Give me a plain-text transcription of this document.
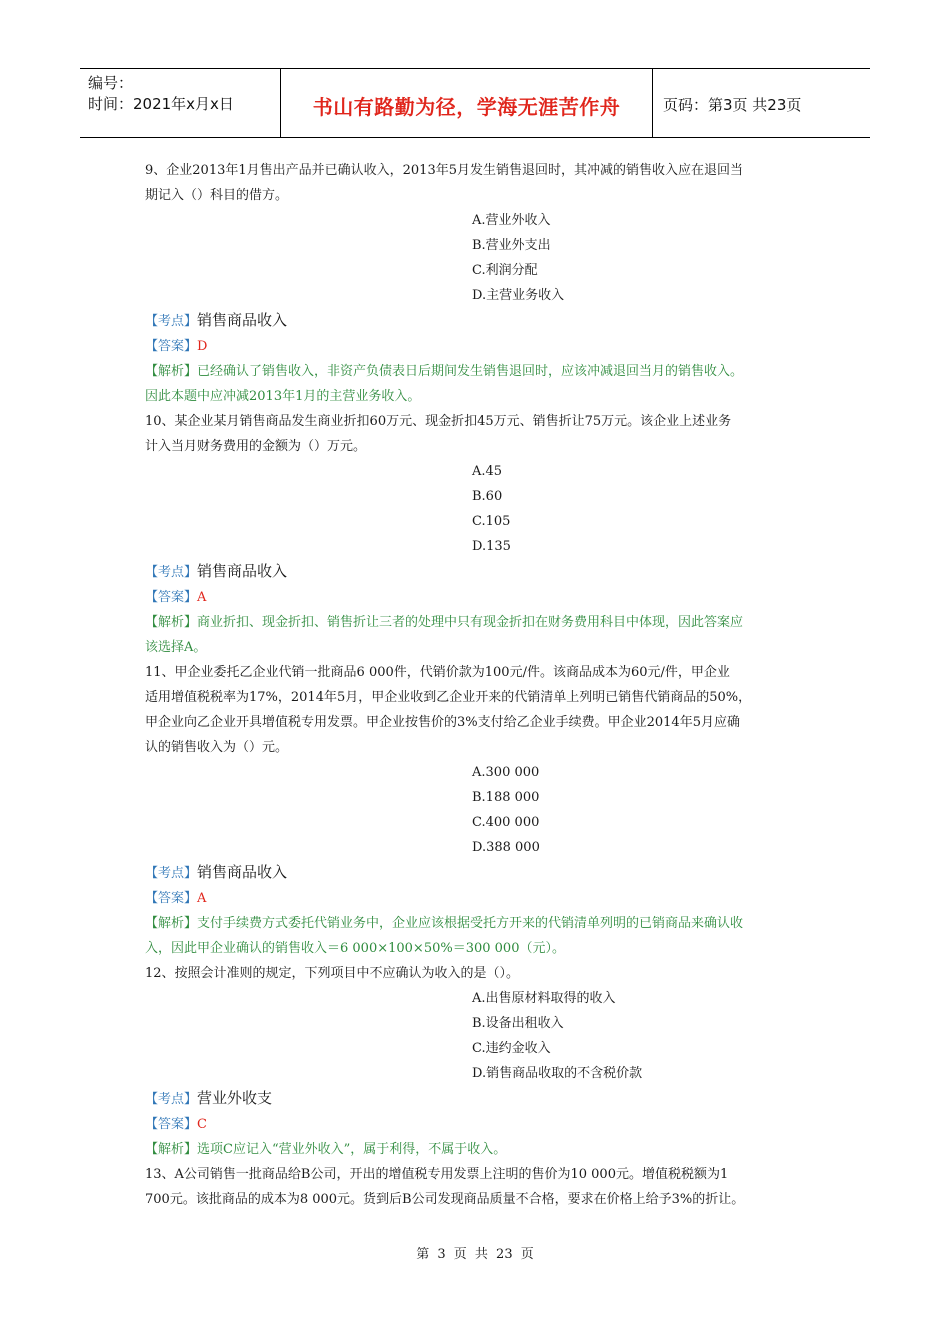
编号：
时间：2021年x月x日	书山有路勤为径，学海无涯苦作舟	页码：第3页 共23页
9、企业2013年1月售出产品并已确认收入，2013年5月发生销售退回时，其冲减的销售收入应在退回当
期记入（）科目的借方。
A.营业外收入
B.营业外支出
C.利润分配
D.主营业务收入
【考点】销售商品收入
【答案】D
【解析】已经确认了销售收入，非资产负债表日后期间发生销售退回时，应该冲减退回当月的销售收入。
因此本题中应冲减2013年1月的主营业务收入。
10、某企业某月销售商品发生商业折扣60万元、现金折扣45万元、销售折让75万元。该企业上述业务
计入当月财务费用的金额为（）万元。
A.45
B.60
C.105
D.135
【考点】销售商品收入
【答案】A
【解析】商业折扣、现金折扣、销售折让三者的处理中只有现金折扣在财务费用科目中体现，因此答案应
该选择A。
11、甲企业委托乙企业代销一批商品6 000件，代销价款为100元/件。该商品成本为60元/件，甲企业
适用增值税税率为17%，2014年5月，甲企业收到乙企业开来的代销清单上列明已销售代销商品的50%，
甲企业向乙企业开具增值税专用发票。甲企业按售价的3%支付给乙企业手续费。甲企业2014年5月应确
认的销售收入为（）元。
A.300 000
B.188 000
C.400 000
D.388 000
【考点】销售商品收入
【答案】A
【解析】支付手续费方式委托代销业务中，企业应该根据受托方开来的代销清单列明的已销商品来确认收
入，因此甲企业确认的销售收入＝6 000×100×50%＝300 000（元）。
12、按照会计准则的规定，下列项目中不应确认为收入的是（）。
A.出售原材料取得的收入
B.设备出租收入
C.违约金收入
D.销售商品收取的不含税价款
【考点】营业外收支
【答案】C
【解析】选项C应记入“营业外收入”，属于利得，不属于收入。
13、A公司销售一批商品给B公司，开出的增值税专用发票上注明的售价为10 000元。增值税税额为1
700元。该批商品的成本为8 000元。货到后B公司发现商品质量不合格，要求在价格上给予3%的折让。
第 3 页 共 23 页
